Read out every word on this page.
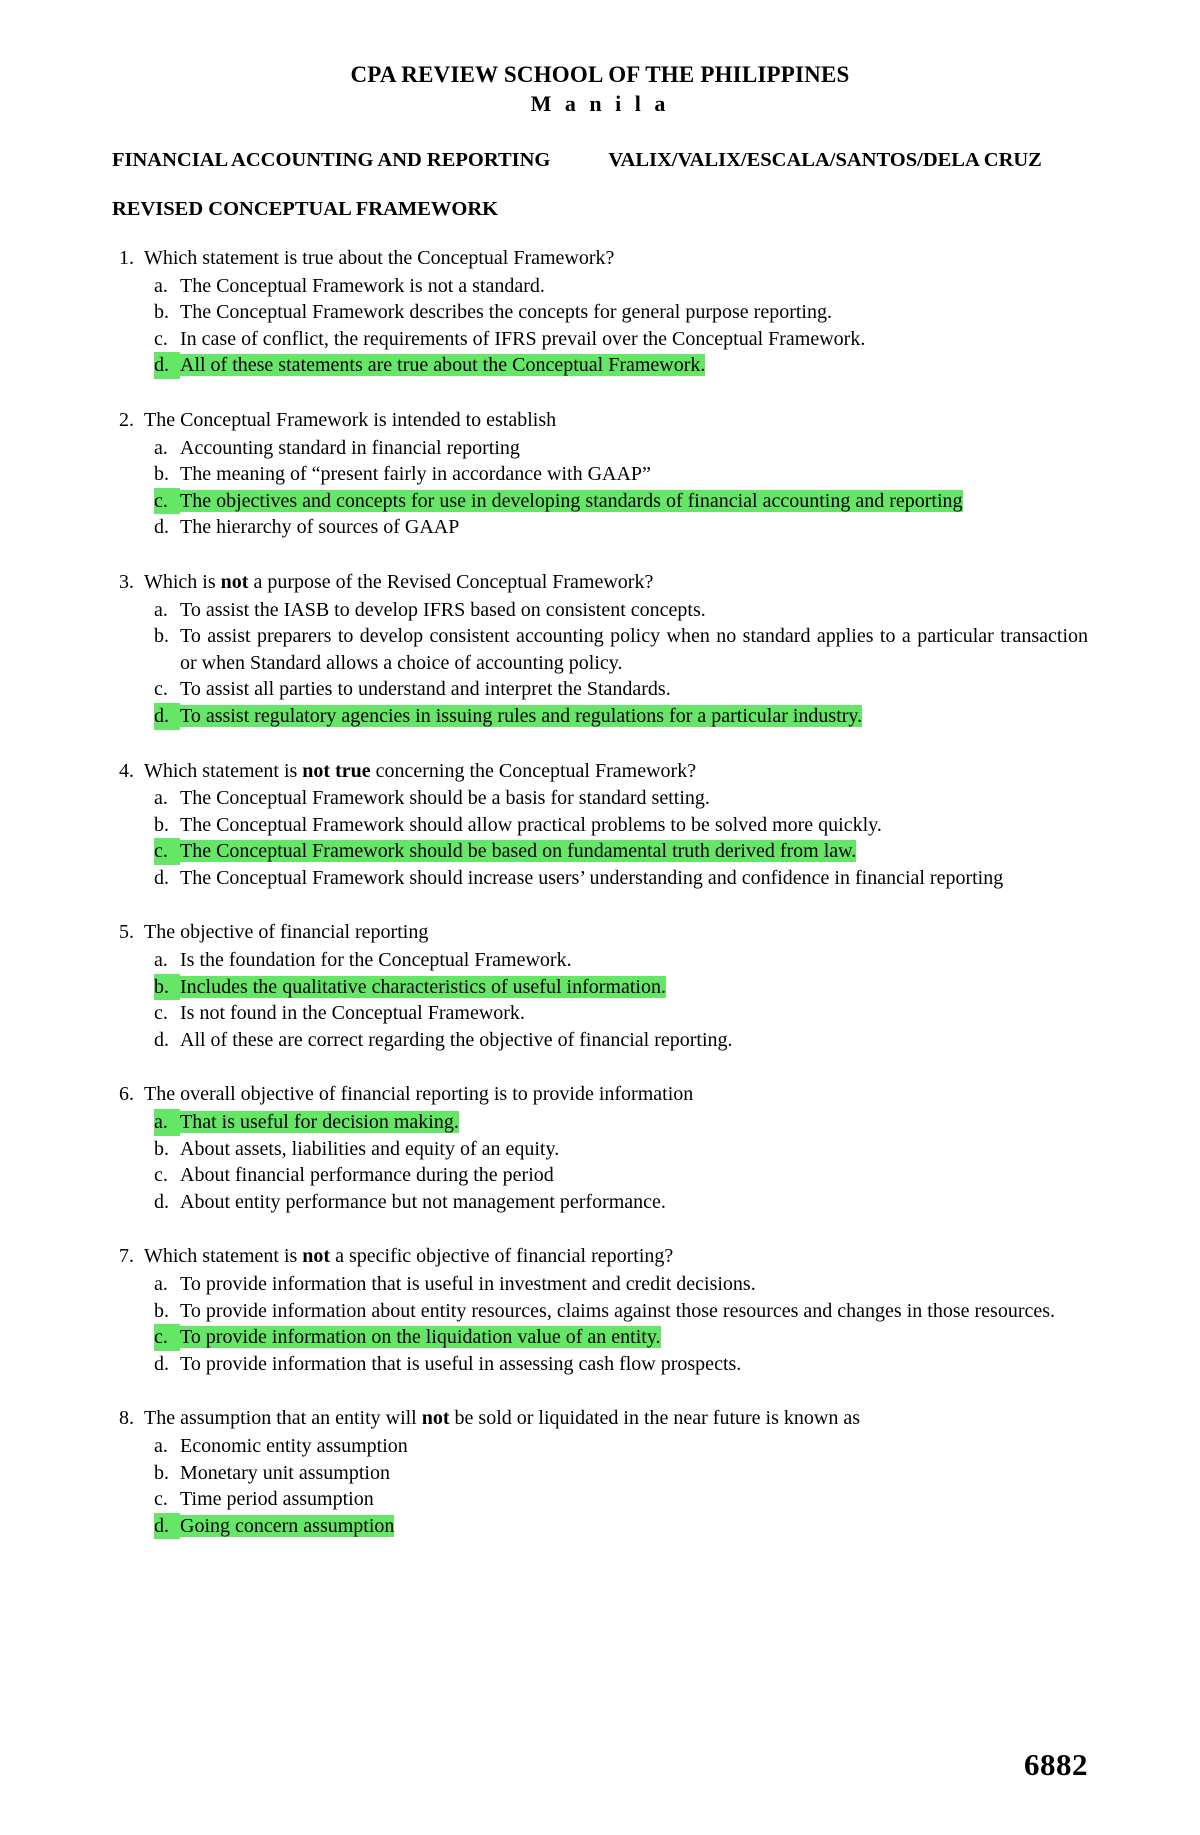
CPA REVIEW SCHOOL OF THE PHILIPPINES
M a n i l a
FINANCIAL ACCOUNTING AND REPORTING	VALIX/VALIX/ESCALA/SANTOS/DELA CRUZ
REVISED CONCEPTUAL FRAMEWORK
1. Which statement is true about the Conceptual Framework?
a. The Conceptual Framework is not a standard.
b. The Conceptual Framework describes the concepts for general purpose reporting.
c. In case of conflict, the requirements of IFRS prevail over the Conceptual Framework.
d. All of these statements are true about the Conceptual Framework.
2. The Conceptual Framework is intended to establish
a. Accounting standard in financial reporting
b. The meaning of “present fairly in accordance with GAAP”
c. The objectives and concepts for use in developing standards of financial accounting and reporting
d. The hierarchy of sources of GAAP
3. Which is not a purpose of the Revised Conceptual Framework?
a. To assist the IASB to develop IFRS based on consistent concepts.
b. To assist preparers to develop consistent accounting policy when no standard applies to a particular transaction or when Standard allows a choice of accounting policy.
c. To assist all parties to understand and interpret the Standards.
d. To assist regulatory agencies in issuing rules and regulations for a particular industry.
4. Which statement is not true concerning the Conceptual Framework?
a. The Conceptual Framework should be a basis for standard setting.
b. The Conceptual Framework should allow practical problems to be solved more quickly.
c. The Conceptual Framework should be based on fundamental truth derived from law.
d. The Conceptual Framework should increase users’ understanding and confidence in financial reporting
5. The objective of financial reporting
a. Is the foundation for the Conceptual Framework.
b. Includes the qualitative characteristics of useful information.
c. Is not found in the Conceptual Framework.
d. All of these are correct regarding the objective of financial reporting.
6. The overall objective of financial reporting is to provide information
a. That is useful for decision making.
b. About assets, liabilities and equity of an equity.
c. About financial performance during the period
d. About entity performance but not management performance.
7. Which statement is not a specific objective of financial reporting?
a. To provide information that is useful in investment and credit decisions.
b. To provide information about entity resources, claims against those resources and changes in those resources.
c. To provide information on the liquidation value of an entity.
d. To provide information that is useful in assessing cash flow prospects.
8. The assumption that an entity will not be sold or liquidated in the near future is known as
a. Economic entity assumption
b. Monetary unit assumption
c. Time period assumption
d. Going concern assumption
6882
